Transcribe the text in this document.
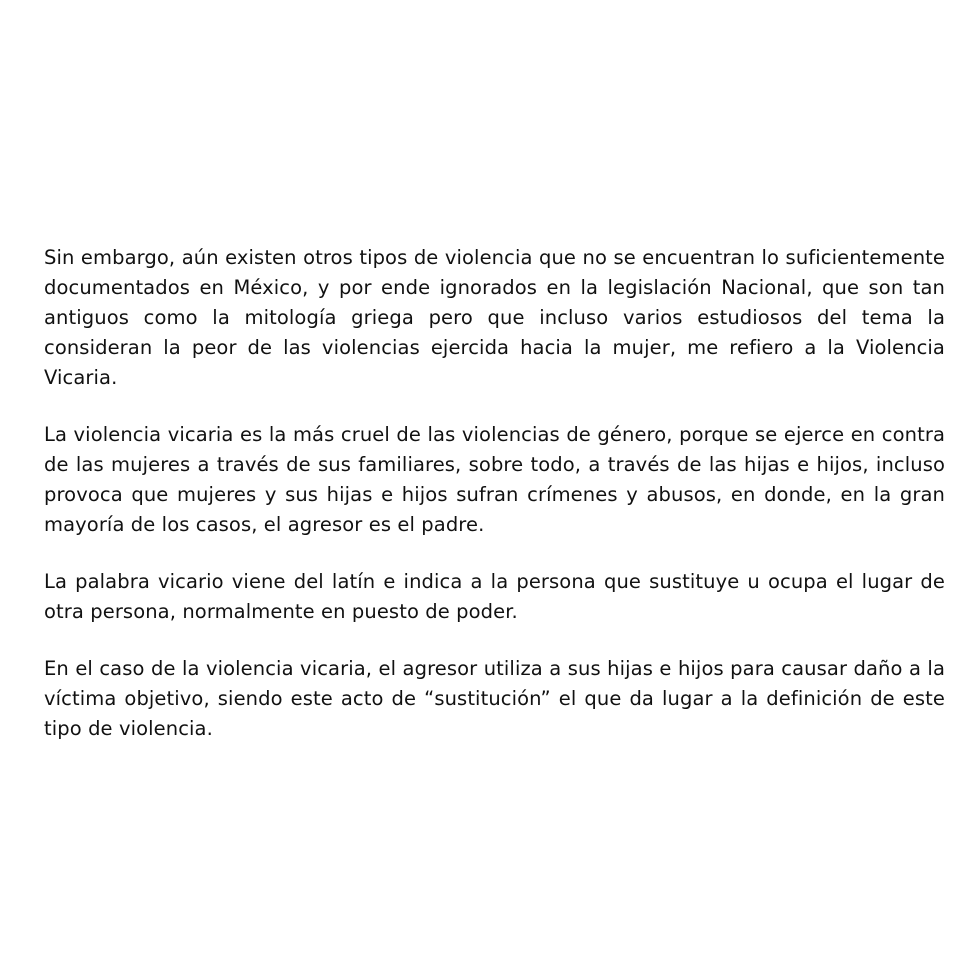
Sin embargo, aún existen otros tipos de violencia que no se encuentran lo suficientemente documentados en México, y por ende ignorados en la legislación Nacional, que son tan antiguos como la mitología griega pero que incluso varios estudiosos del tema la consideran la peor de las violencias ejercida hacia la mujer, me refiero a la Violencia Vicaria.

La violencia vicaria es la más cruel de las violencias de género, porque se ejerce en contra de las mujeres a través de sus familiares, sobre todo, a través de las hijas e hijos, incluso provoca que mujeres y sus hijas e hijos sufran crímenes y abusos, en donde, en la gran mayoría de los casos, el agresor es el padre.

La palabra vicario viene del latín e indica a la persona que sustituye u ocupa el lugar de otra persona, normalmente en puesto de poder.

En el caso de la violencia vicaria, el agresor utiliza a sus hijas e hijos para causar daño a la víctima objetivo, siendo este acto de “sustitución” el que da lugar a la definición de este tipo de violencia.
